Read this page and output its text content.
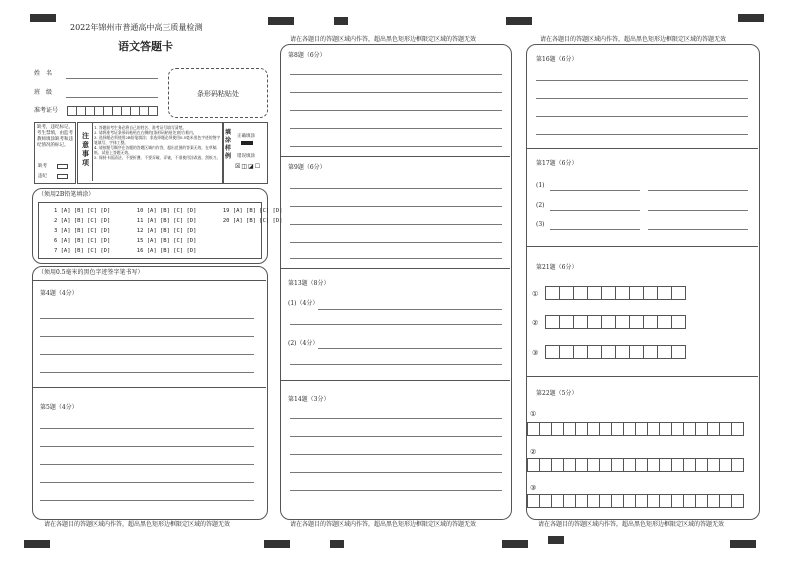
2022年锦州市普通高中高三质量检测
语文答题卡
姓　名
班　级
准考证号
条形码粘贴处
缺考，违纪标记，考生禁填，由监考教师填涂缺考和违纪情况的标记。
缺考
违纪
注意事项
1. 答题前考生务必将自己的姓名、准考证号填写清楚。
2. 请将准考证条形码粘贴在右侧的[条形码粘贴处]的方框内。
3. 选择题必须使用2B铅笔填涂；非选择题必须使用0.5毫米黑色字迹的签字笔填写，字体工整。
4. 请按题号顺序在各题的答题区域内作答，超出范围的答案无效，在草稿纸、试卷上答题无效。
5. 保持卡面清洁，不要折叠、不要弄破、弄皱，不准使用涂改液、刮纸刀。
填涂样例
正确填涂
错误填涂
☒◫◪☐
（须用2B铅笔填涂）
1 [A] [B] [C] [D]        10 [A] [B] [C] [D]        19 [A] [B] [C] [D]
2 [A] [B] [C] [D]        11 [A] [B] [C] [D]        20 [A] [B] [C] [D]
3 [A] [B] [C] [D]        12 [A] [B] [C] [D]
6 [A] [B] [C] [D]        15 [A] [B] [C] [D]
7 [A] [B] [C] [D]        16 [A] [B] [C] [D]
（须用0.5毫米的黑色字迹签字笔书写）
第4题（4分）
第5题（4分）
请在各题目的答题区域内作答，超出黑色矩形边框限定区域的答题无效
请在各题目的答题区域内作答，超出黑色矩形边框限定区域的答题无效
第8题（6分）
第9题（6分）
第13题（8分）
(1)（4分）
(2)（4分）
第14题（3分）
请在各题目的答题区域内作答，超出黑色矩形边框限定区域的答题无效
请在各题目的答题区域内作答，超出黑色矩形边框限定区域的答题无效
第16题（6分）
第17题（6分）
(1)
(2)
(3)
第21题（6分）
①
②
③
第22题（5分）
①
②
③
请在各题目的答题区域内作答，超出黑色矩形边框限定区域的答题无效
